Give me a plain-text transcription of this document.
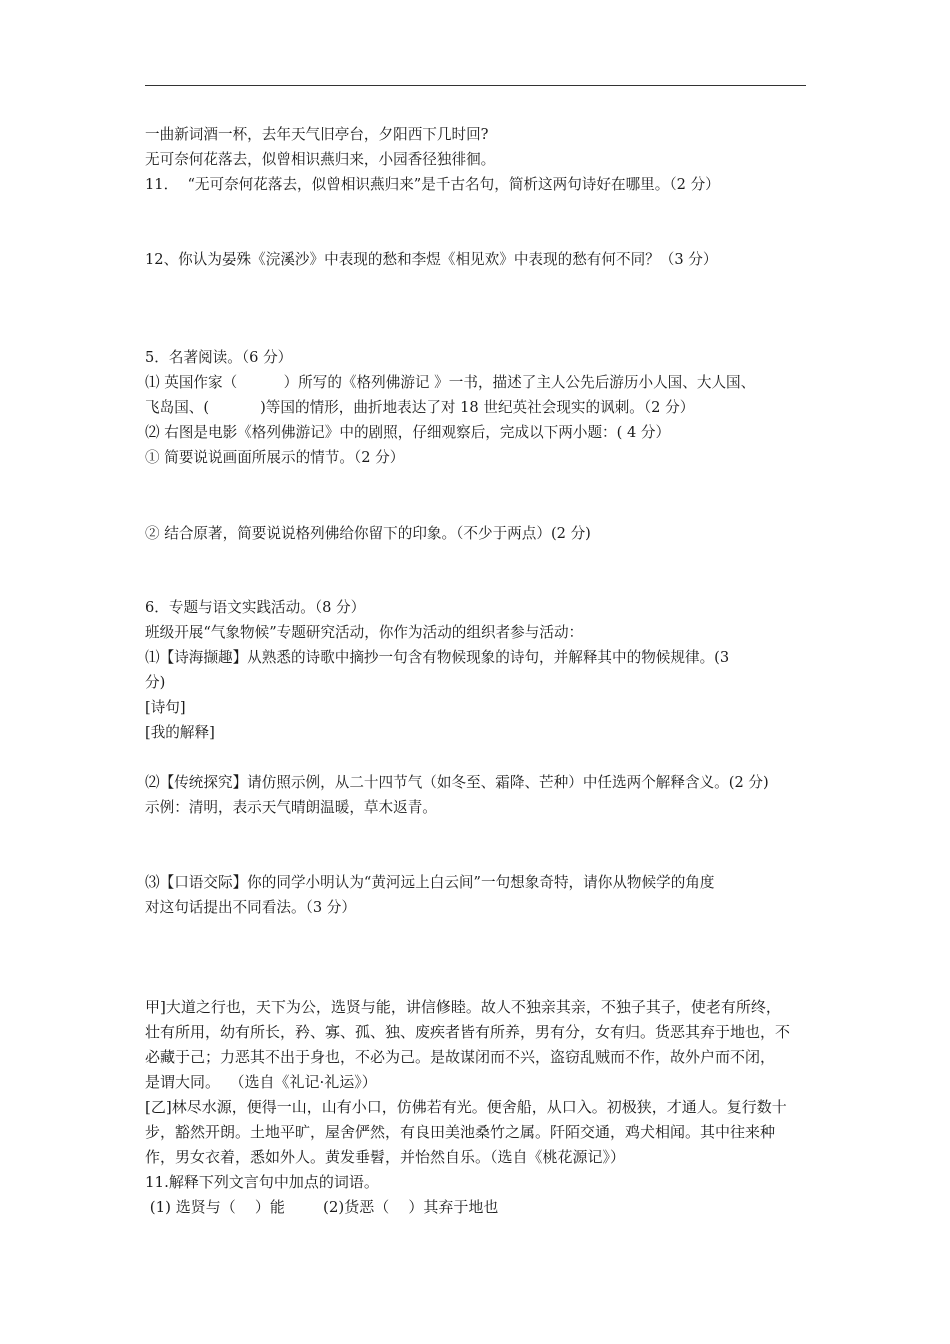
一曲新词酒一杯，去年天气旧亭台，夕阳西下几时回?
无可奈何花落去，似曾相识燕归来，小园香径独徘徊。
11．  “无可奈何花落去，似曾相识燕归来”是千古名句，简析这两句诗好在哪里。（2 分）
12、你认为晏殊《浣溪沙》中表现的愁和李煜《相见欢》中表现的愁有何不同？（3 分）
5．名著阅读。（6 分）
⑴ 英国作家（          ）所写的《格列佛游记 》一书，描述了主人公先后游历小人国、大人国、
飞岛国、(           )等国的情形，曲折地表达了对 18 世纪英社会现实的讽刺。（2 分）
⑵ 右图是电影《格列佛游记》中的剧照，仔细观察后，完成以下两小题：( 4 分）
① 简要说说画面所展示的情节。（2 分）
② 结合原著，简要说说格列佛给你留下的印象。（不少于两点）(2 分)
6．专题与语文实践活动。（8 分）
班级开展“气象物候”专题研究活动，你作为活动的组织者参与活动：
⑴【诗海撷趣】从熟悉的诗歌中摘抄一句含有物候现象的诗句，并解释其中的物候规律。(3
分)
[诗句]
[我的解释]
⑵【传统探究】请仿照示例，从二十四节气（如冬至、霜降、芒种）中任选两个解释含义。(2 分)
示例：清明，表示天气晴朗温暖，草木返青。
⑶【口语交际】你的同学小明认为“黄河远上白云间”一句想象奇特，请你从物候学的角度
对这句话提出不同看法。（3 分）
甲]大道之行也，天下为公，选贤与能，讲信修睦。故人不独亲其亲，不独子其子，使老有所终，
壮有所用，幼有所长，矜、寡、孤、独、废疾者皆有所养，男有分，女有归。货恶其弃于地也，不
必藏于己；力恶其不出于身也，不必为己。是故谋闭而不兴，盗窃乱贼而不作，故外户而不闭，
是谓大同。  （选自《礼记·礼运》）
[乙]林尽水源，便得一山，山有小口，仿佛若有光。便舍船，从口入。初极狭，才通人。复行数十
步，豁然开朗。土地平旷，屋舍俨然，有良田美池桑竹之属。阡陌交通，鸡犬相闻。其中往来种
作，男女衣着，悉如外人。黄发垂髫，并怡然自乐。（选自《桃花源记》）
11.解释下列文言句中加点的词语。
(1) 选贤与（    ）能        (2)货恶（    ）其弃于地也
